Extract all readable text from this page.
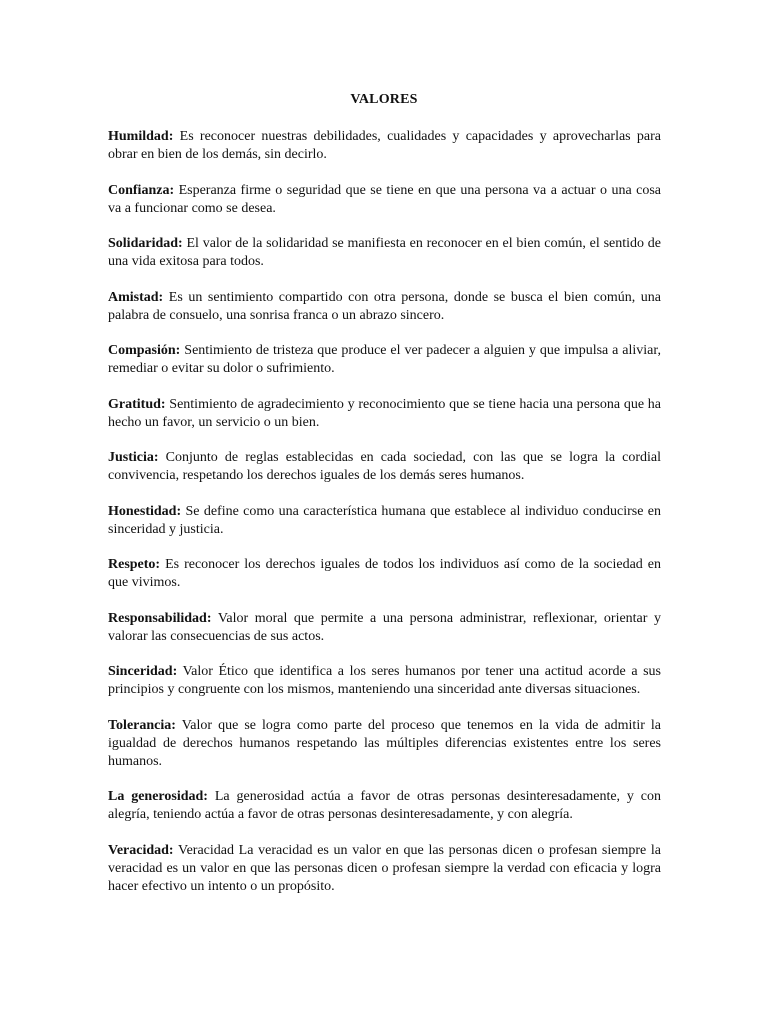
VALORES

Humildad: Es reconocer nuestras debilidades, cualidades y capacidades y aprovecharlas para obrar en bien de los demás, sin decirlo.

Confianza: Esperanza firme o seguridad que se tiene en que una persona va a actuar o una cosa va a funcionar como se desea.

Solidaridad: El valor de la solidaridad se manifiesta en reconocer en el bien común, el sentido de una vida exitosa para todos.

Amistad: Es un sentimiento compartido con otra persona, donde se busca el bien común, una palabra de consuelo, una sonrisa franca o un abrazo sincero.

Compasión: Sentimiento de tristeza que produce el ver padecer a alguien y que impulsa a aliviar, remediar o evitar su dolor o sufrimiento.

Gratitud: Sentimiento de agradecimiento y reconocimiento que se tiene hacia una persona que ha hecho un favor, un servicio o un bien.

Justicia: Conjunto de reglas establecidas en cada sociedad, con las que se logra la cordial convivencia, respetando los derechos iguales de los demás seres humanos.

Honestidad: Se define como una característica humana que establece al individuo conducirse en sinceridad y justicia.

Respeto: Es reconocer los derechos iguales de todos los individuos así como de la sociedad en que vivimos.

Responsabilidad: Valor moral que permite a una persona administrar, reflexionar, orientar y valorar las consecuencias de sus actos.

Sinceridad: Valor Ético que identifica a los seres humanos por tener una actitud acorde a sus principios y congruente con los mismos, manteniendo una sinceridad ante diversas situaciones.

Tolerancia: Valor que se logra como parte del proceso que tenemos en la vida de admitir la igualdad de derechos humanos respetando las múltiples diferencias existentes entre los seres humanos.

La generosidad: La generosidad actúa a favor de otras personas desinteresadamente, y con alegría, teniendo actúa a favor de otras personas desinteresadamente, y con alegría.

Veracidad: Veracidad La veracidad es un valor en que las personas dicen o profesan siempre la veracidad es un valor en que las personas dicen o profesan siempre la verdad con eficacia y logra hacer efectivo un intento o un propósito.
